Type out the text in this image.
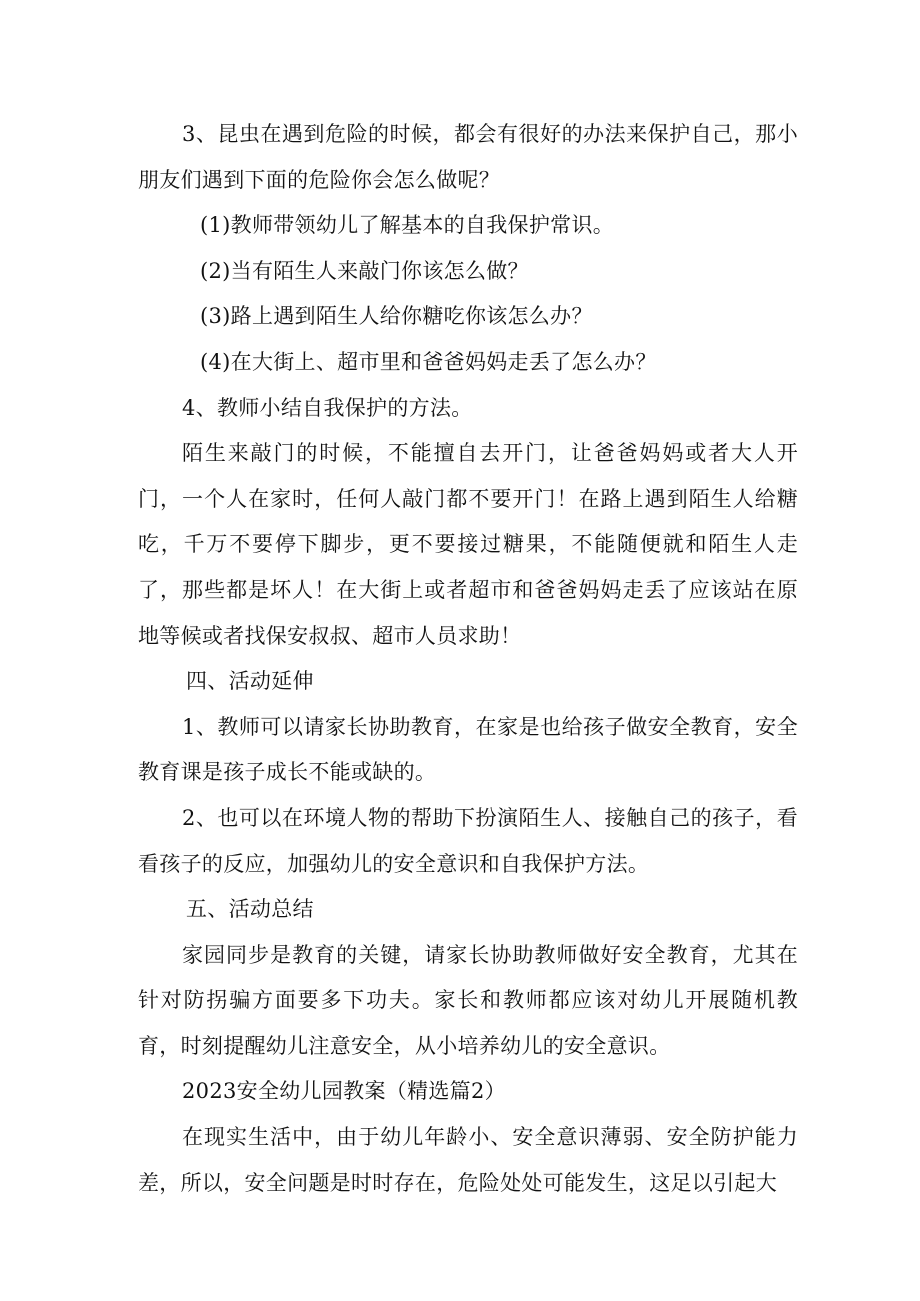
3、昆虫在遇到危险的时候，都会有很好的办法来保护自己，那小朋友们遇到下面的危险你会怎么做呢？

(1)教师带领幼儿了解基本的自我保护常识。

(2)当有陌生人来敲门你该怎么做？

(3)路上遇到陌生人给你糖吃你该怎么办？

(4)在大街上、超市里和爸爸妈妈走丢了怎么办？

4、教师小结自我保护的方法。

陌生来敲门的时候，不能擅自去开门，让爸爸妈妈或者大人开门，一个人在家时，任何人敲门都不要开门！在路上遇到陌生人给糖吃，千万不要停下脚步，更不要接过糖果，不能随便就和陌生人走了，那些都是坏人！在大街上或者超市和爸爸妈妈走丢了应该站在原地等候或者找保安叔叔、超市人员求助！

四、活动延伸

1、教师可以请家长协助教育，在家是也给孩子做安全教育，安全教育课是孩子成长不能或缺的。

2、也可以在环境人物的帮助下扮演陌生人、接触自己的孩子，看看孩子的反应，加强幼儿的安全意识和自我保护方法。

五、活动总结

家园同步是教育的关键，请家长协助教师做好安全教育，尤其在针对防拐骗方面要多下功夫。家长和教师都应该对幼儿开展随机教育，时刻提醒幼儿注意安全，从小培养幼儿的安全意识。

2023安全幼儿园教案（精选篇2）

在现实生活中，由于幼儿年龄小、安全意识薄弱、安全防护能力差，所以，安全问题是时时存在，危险处处可能发生，这足以引起大
